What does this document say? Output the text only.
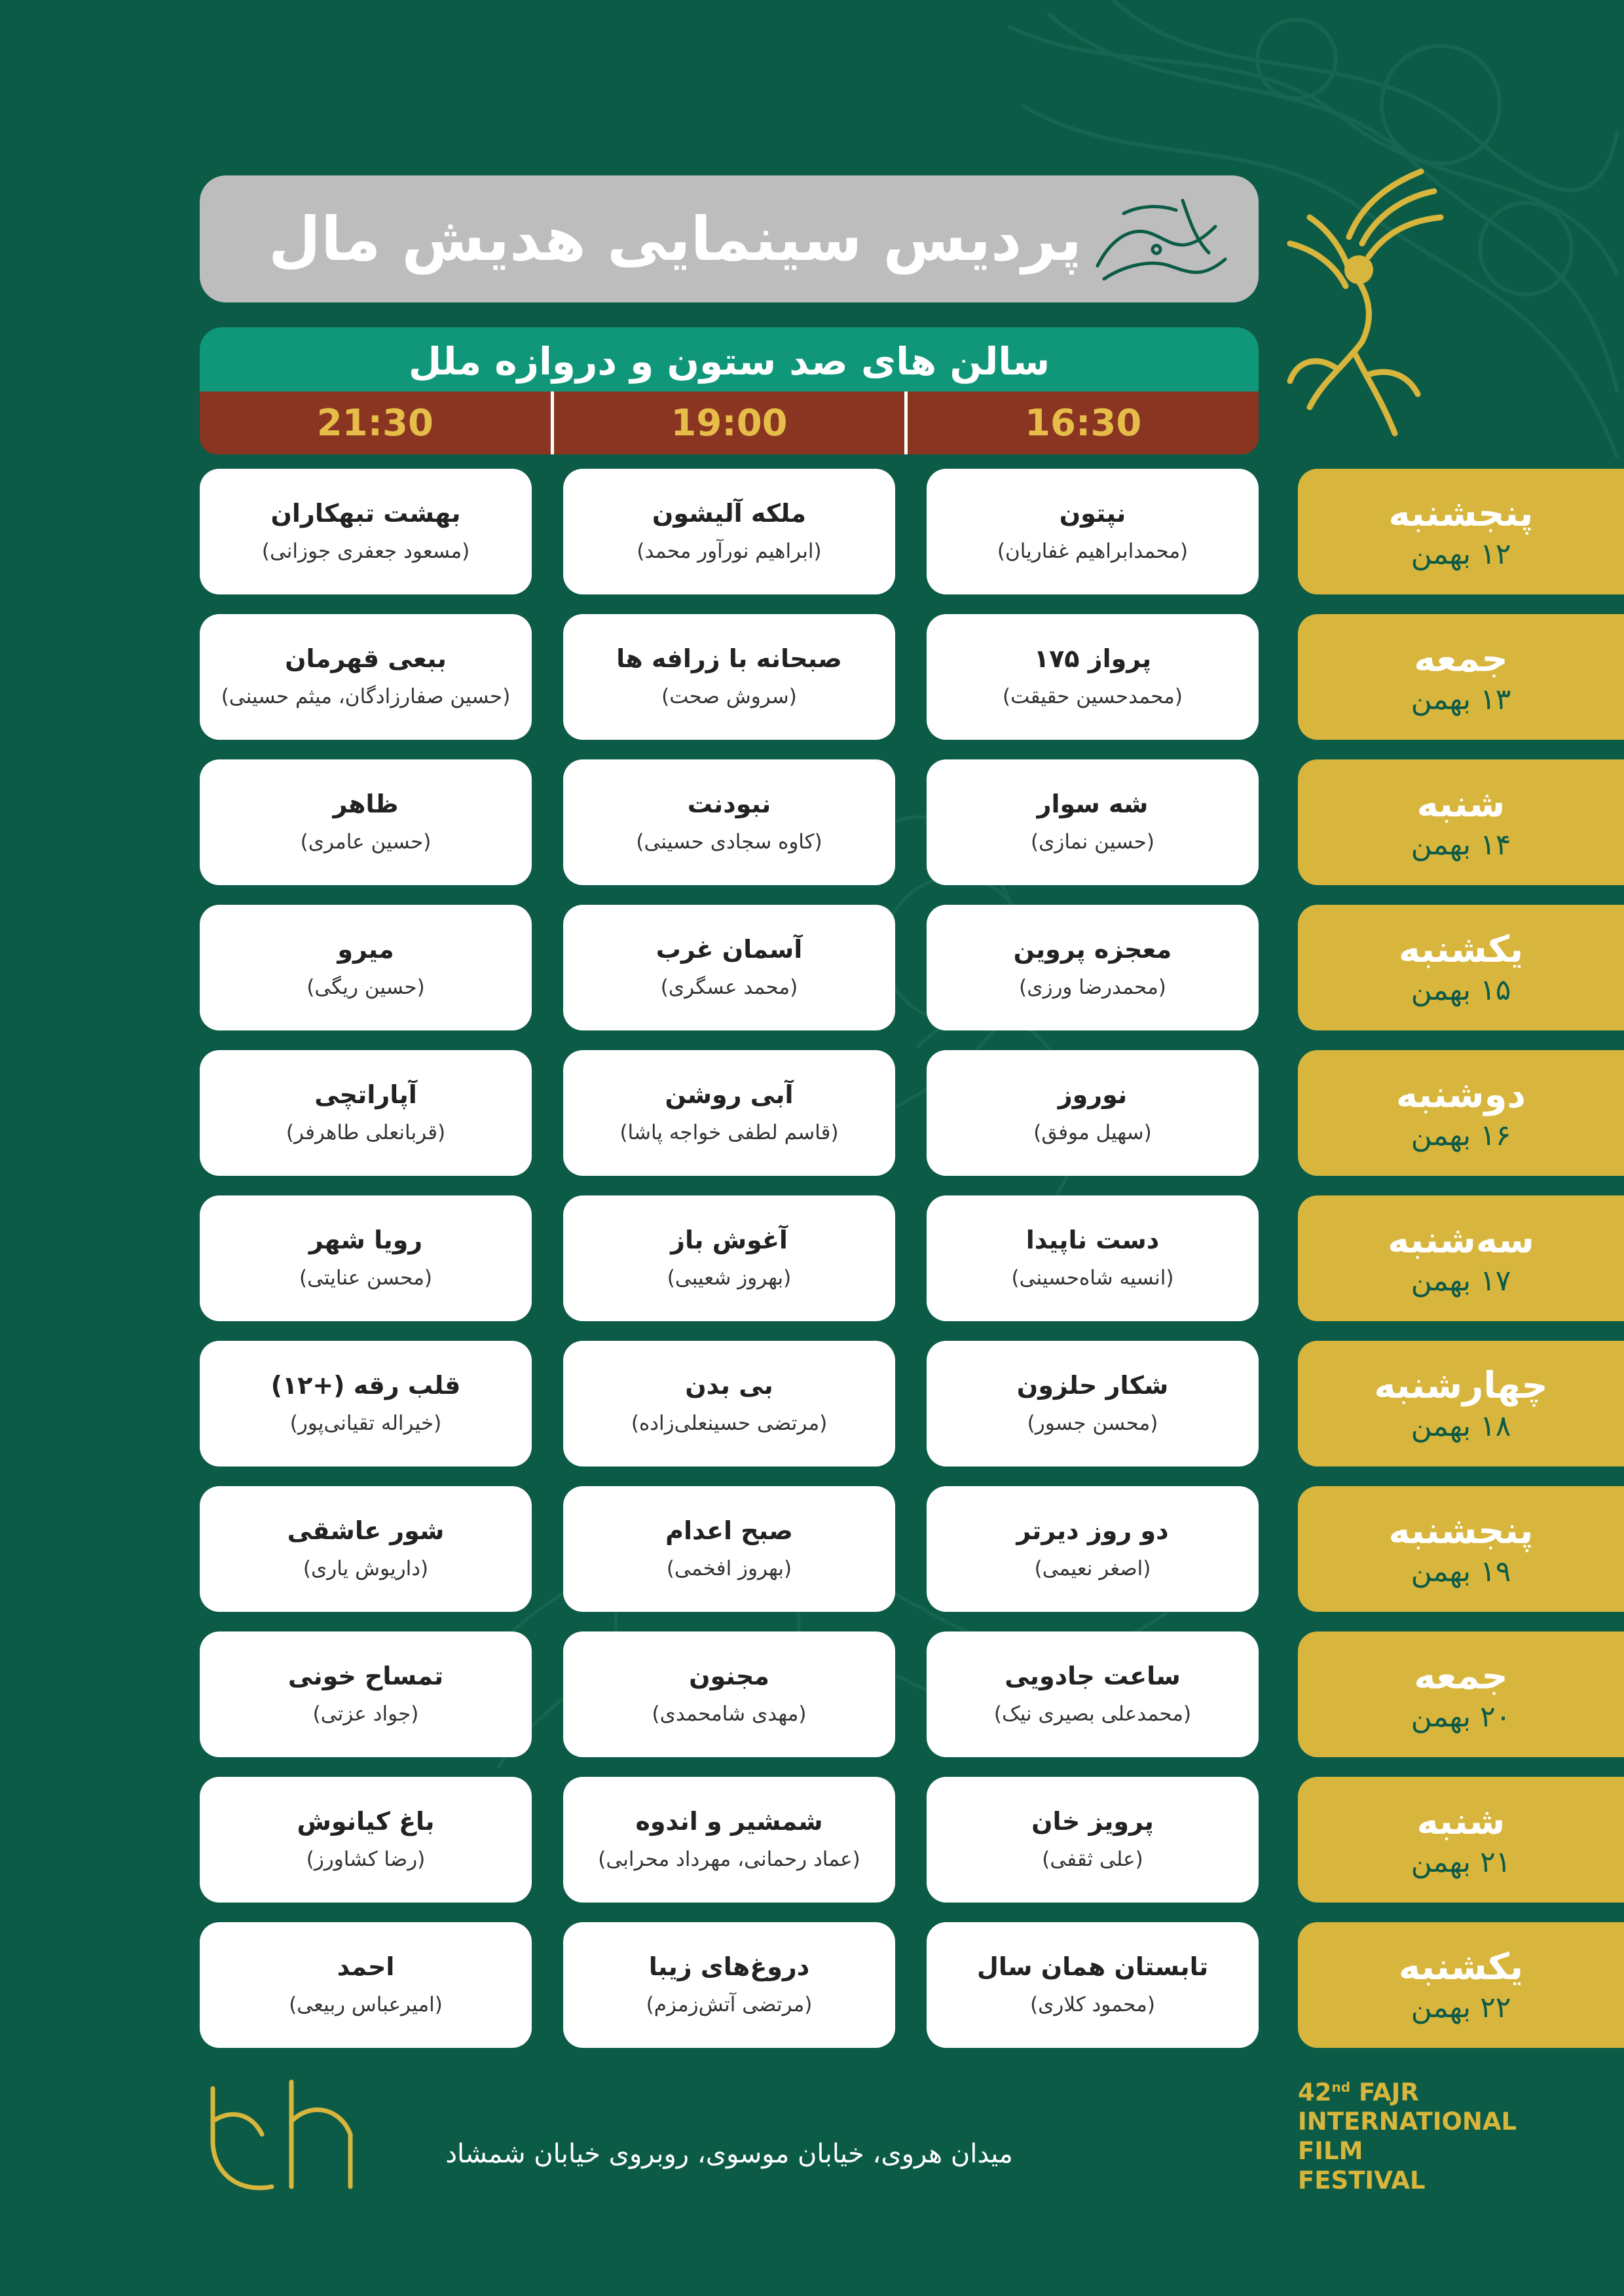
پردیس سینمایی هدیش مال
سالن های صد ستون و دروازه ملل
21:30	19:00	16:30
نپتون
(محمدابراهیم غفاریان)
ملکه آلیشون
(ابراهیم نورآور محمد)
بهشت تبهکاران
(مسعود جعفری جوزانی)
پنجشنبه
۱۲ بهمن
پرواز ۱۷۵
(محمدحسین حقیقت)
صبحانه با زرافه ها
(سروش صحت)
ببعی قهرمان
(حسین صفارزادگان، میثم حسینی)
جمعه
۱۳ بهمن
شه سوار
(حسین نمازی)
نبودنت
(کاوه سجادی حسینی)
ظاهر
(حسین عامری)
شنبه
۱۴ بهمن
معجزه پروین
(محمدرضا ورزی)
آسمان غرب
(محمد عسگری)
میرو
(حسین ریگی)
یکشنبه
۱۵ بهمن
نوروز
(سهیل موفق)
آبی روشن
(قاسم لطفی خواجه پاشا)
آپاراتچی
(قربانعلی طاهرفر)
دوشنبه
۱۶ بهمن
دست ناپیدا
(انسیه شاه‌حسینی)
آغوش باز
(بهروز شعیبی)
رویا شهر
(محسن عنایتی)
سه‌شنبه
۱۷ بهمن
شکار حلزون
(محسن جسور)
بی بدن
(مرتضی حسینعلی‌زاده)
قلب رقه (+۱۲)
(خیراله تقیانی‌پور)
چهارشنبه
۱۸ بهمن
دو روز دیرتر
(اصغر نعیمی)
صبح اعدام
(بهروز افخمی)
شور عاشقی
(داریوش یاری)
پنجشنبه
۱۹ بهمن
ساعت جادویی
(محمدعلی بصیری نیک)
مجنون
(مهدی شامحمدی)
تمساح خونی
(جواد عزتی)
جمعه
۲۰ بهمن
پرویز خان
(علی ثقفی)
شمشیر و اندوه
(عماد رحمانی، مهرداد محرابی)
باغ کیانوش
(رضا کشاورز)
شنبه
۲۱ بهمن
تابستان همان سال
(محمود کلاری)
دروغ‌های زیبا
(مرتضی آتش‌زمزم)
احمد
(امیرعباس ربیعی)
یکشنبه
۲۲ بهمن
میدان هروی، خیابان موسوی، روبروی خیابان شمشاد
42nd FAJR
INTERNATIONAL
FILM
FESTIVAL
